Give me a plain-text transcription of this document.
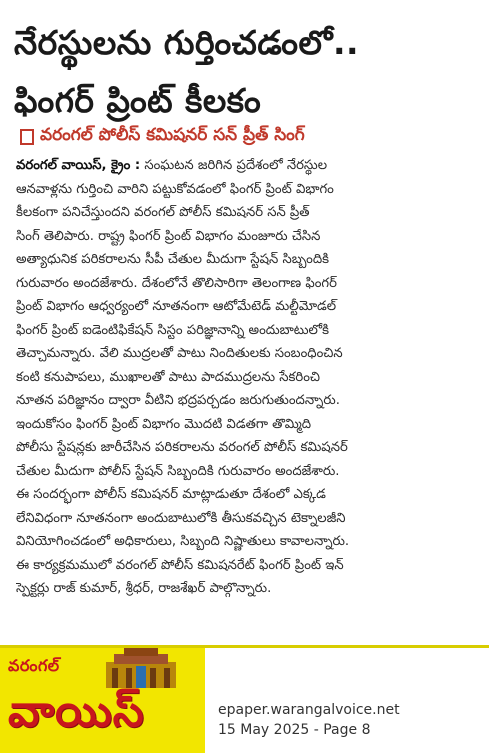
నేరస్థులను గుర్తించడంలో..
ఫింగర్ ప్రింట్ కీలకం
వరంగల్ పోలీస్ కమిషనర్ సన్ ప్రీత్ సింగ్
వరంగల్ వాయిస్, క్రైం : సంఘటన జరిగిన ప్రదేశంలో నేరస్థుల
ఆనవాళ్లను గుర్తించి వారిని పట్టుకోవడంలో ఫింగర్ ప్రింట్ విభాగం
కీలకంగా పనిచేస్తుందని వరంగల్ పోలీస్ కమిషనర్ సన్ ప్రీత్
సింగ్ తెలిపారు. రాష్ట్ర ఫింగర్ ప్రింట్ విభాగం మంజూరు చేసిన
అత్యాధునిక పరికరాలను సీపీ చేతుల మీదుగా స్టేషన్ సిబ్బందికి
గురువారం అందజేశారు. దేశంలోనే తొలిసారిగా తెలంగాణ ఫింగర్
ప్రింట్ విభాగం ఆధ్వర్యంలో నూతనంగా ఆటోమేటెడ్ మల్టీమోడల్
ఫింగర్ ప్రింట్ ఐడెంటిఫికేషన్ సిస్టం పరిజ్ఞానాన్ని అందుబాటులోకి
తెచ్చామన్నారు. వేలి ముద్రలతో పాటు నిందితులకు సంబంధించిన
కంటి కనుపాపలు, ముఖాలతో పాటు పాదముద్రలను సేకరించి
నూతన పరిజ్ఞానం ద్వారా వీటిని భద్రపర్చడం జరుగుతుందన్నారు.
ఇందుకోసం ఫింగర్ ప్రింట్ విభాగం మొదటి విడతగా తొమ్మిది
పోలీసు స్టేషన్లకు జారీచేసిన పరికరాలను వరంగల్ పోలీస్ కమిషనర్
చేతుల మీదుగా పోలీస్ స్టేషన్ సిబ్బందికి గురువారం అందజేశారు.
ఈ సందర్భంగా పోలీస్ కమిషనర్ మాట్లాడుతూ దేశంలో ఎక్కడ
లేనివిధంగా నూతనంగా అందుబాటులోకి తీసుకవచ్చిన టెక్నాలజీని
వినియోగించడంలో అధికారులు, సిబ్బంది నిష్ణాతులు కావాలన్నారు.
ఈ కార్యక్రమములో వరంగల్ పోలీస్ కమిషనరేట్ ఫింగర్ ప్రింట్ ఇన్
స్పెక్టర్లు రాజ్ కుమార్, శ్రీధర్, రాజశేఖర్ పాల్గొన్నారు.
వరంగల్
వాయిస్	epaper.warangalvoice.net
15 May 2025 - Page 8
